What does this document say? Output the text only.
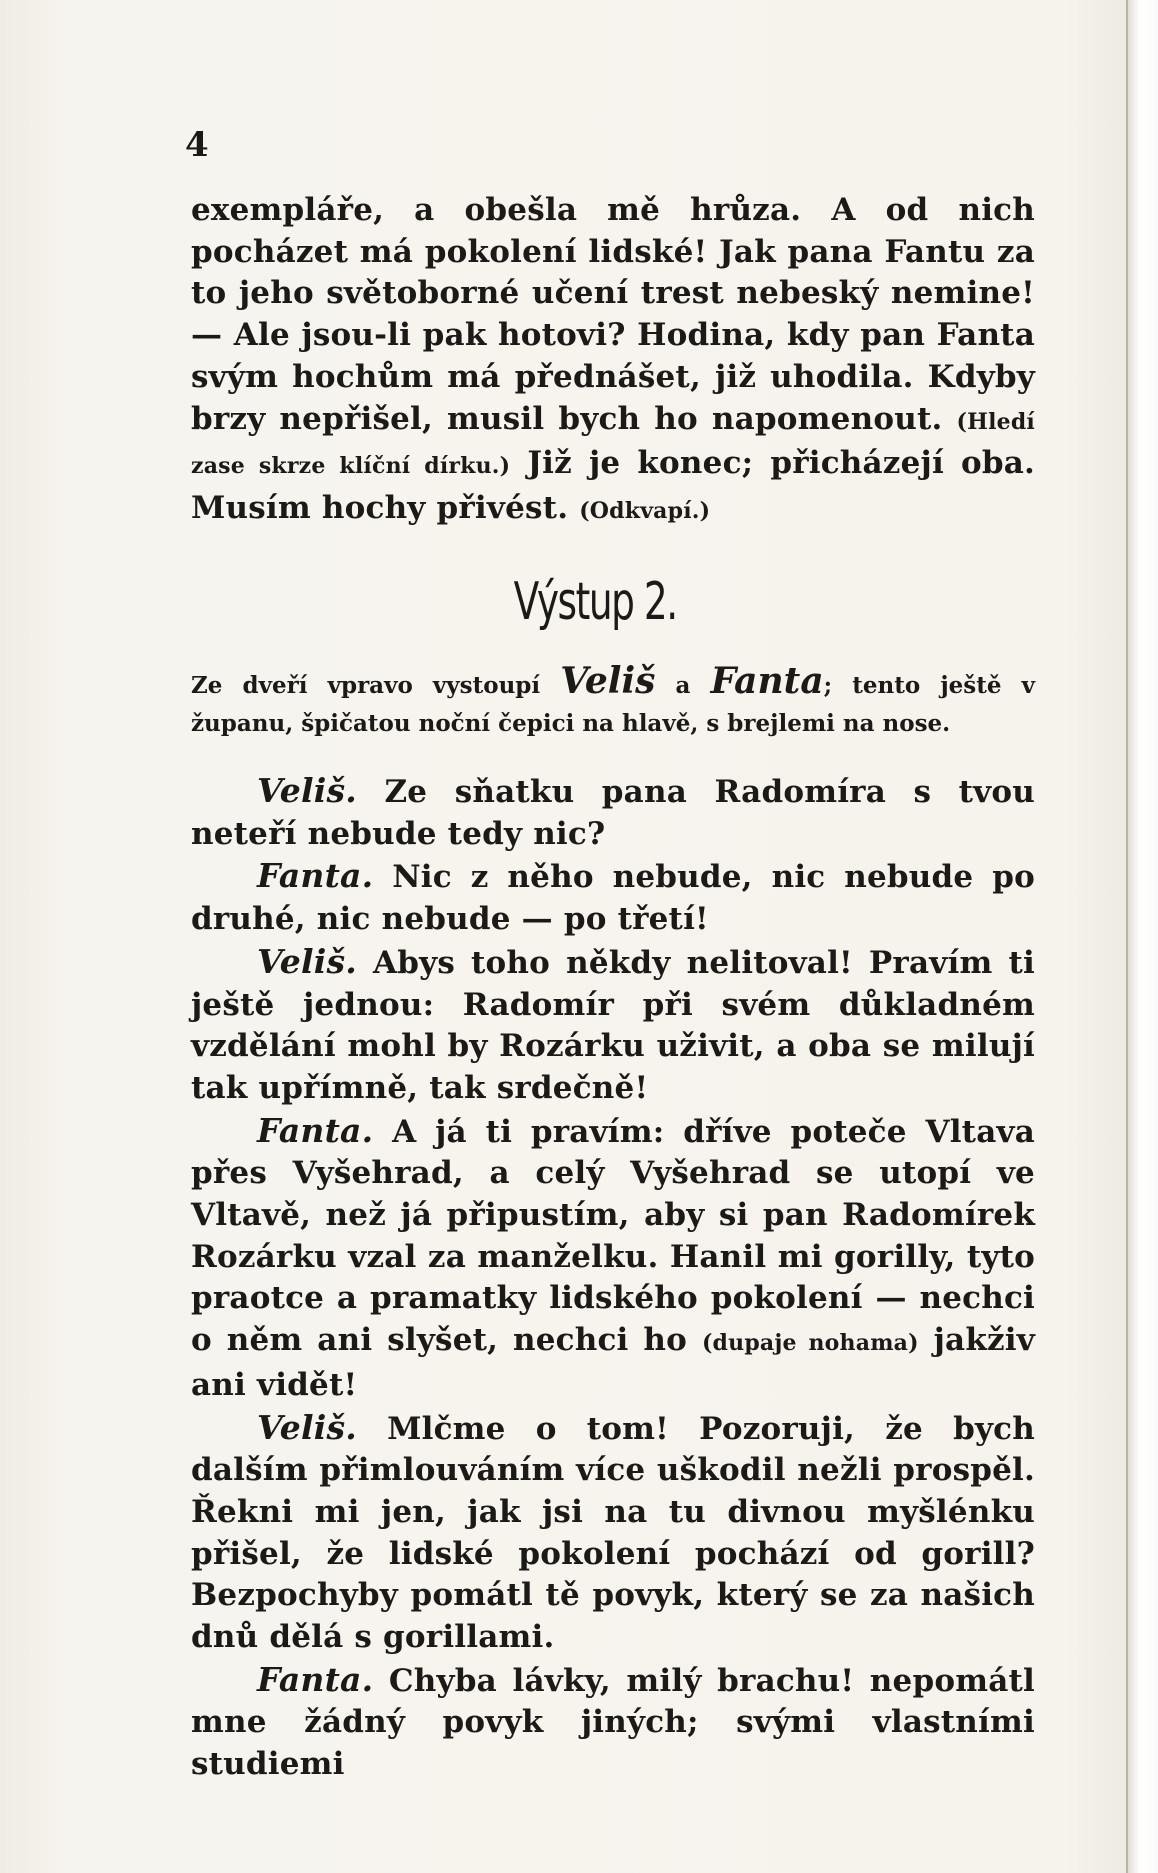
4
exempláře, a obešla mě hrůza. A od nich pocházet má pokolení lidské! Jak pana Fantu za to jeho světoborné učení trest nebeský nemine! — Ale jsou-li pak hotovi? Hodina, kdy pan Fanta svým hochům má přednášet, již uhodila. Kdyby brzy nepřišel, musil bych ho napomenout. (Hledí zase skrze klíční dírku.) Již je konec; přicházejí oba. Musím hochy přivést. (Odkvapí.)
Výstup 2.
Ze dveří vpravo vystoupí Veliš a Fanta; tento ještě v županu, špičatou noční čepici na hlavě, s brejlemi na nose.

Veliš. Ze sňatku pana Radomíra s tvou neteří nebude tedy nic?

Fanta. Nic z něho nebude, nic nebude po druhé, nic nebude — po třetí!

Veliš. Abys toho někdy nelitoval! Pravím ti ještě jednou: Radomír při svém důkladném vzdělání mohl by Rozárku uživit, a oba se milují tak upřímně, tak srdečně!

Fanta. A já ti pravím: dříve poteče Vltava přes Vyšehrad, a celý Vyšehrad se utopí ve Vltavě, než já připustím, aby si pan Radomírek Rozárku vzal za manželku. Hanil mi gorilly, tyto praotce a pramatky lidského pokolení — nechci o něm ani slyšet, nechci ho (dupaje nohama) jakživ ani vidět!

Veliš. Mlčme o tom! Pozoruji, že bych dalším přimlouváním více uškodil nežli prospěl. Řekni mi jen, jak jsi na tu divnou myšlénku přišel, že lidské pokolení pochází od gorill? Bezpochyby pomátl tě povyk, který se za našich dnů dělá s gorillami.

Fanta. Chyba lávky, milý brachu! nepomátl mne žádný povyk jiných; svými vlastními studiemi
